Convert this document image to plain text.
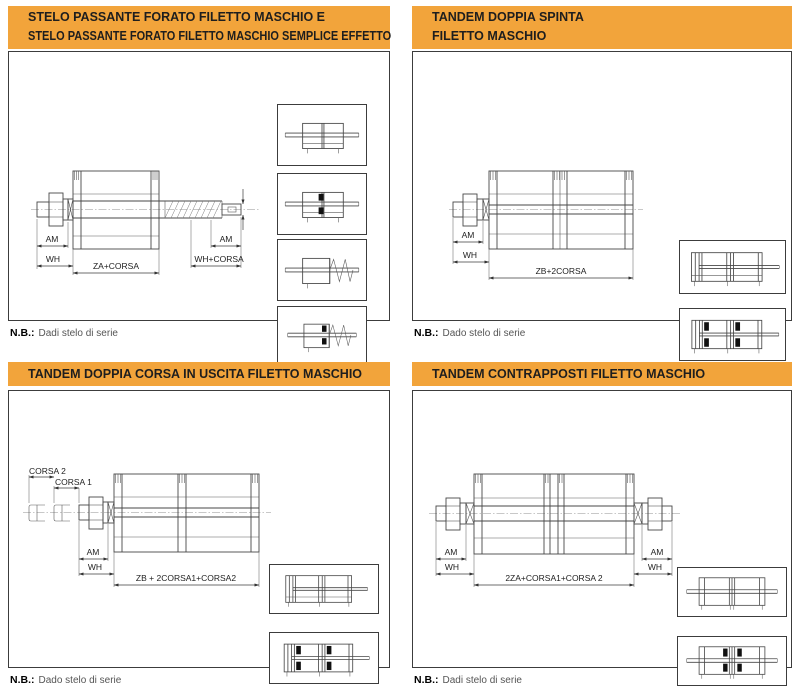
STELO PASSANTE FORATO FILETTO MASCHIO E
STELO PASSANTE FORATO FILETTO MASCHIO SEMPLICE EFFETTO
AM
WH
ZA+CORSA
AM
WH+CORSA
N.B.: Dadi stelo di serie
TANDEM DOPPIA SPINTA
FILETTO MASCHIO
AM
WH
ZB+2CORSA
N.B.: Dado stelo di serie
TANDEM DOPPIA CORSA IN USCITA FILETTO MASCHIO
CORSA 2
CORSA 1
AM
WH
ZB + 2CORSA1+CORSA2
N.B.: Dado stelo di serie
TANDEM CONTRAPPOSTI FILETTO MASCHIO
AM
WH
2ZA+CORSA1+CORSA 2
AM
WH
N.B.: Dadi stelo di serie
